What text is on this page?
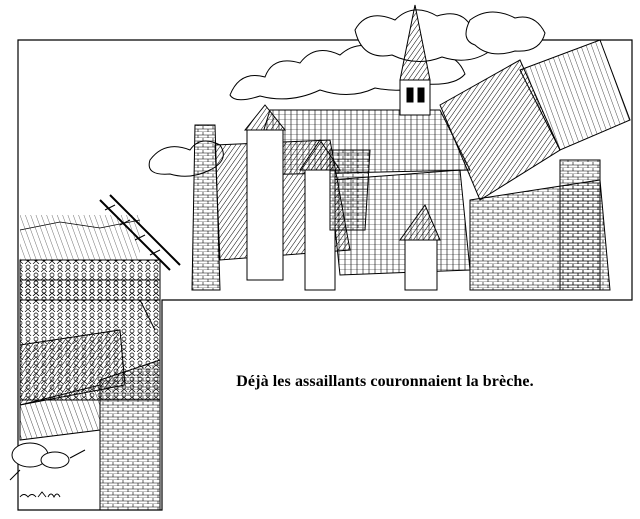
Déjà les assaillants couronnaient la brèche.
